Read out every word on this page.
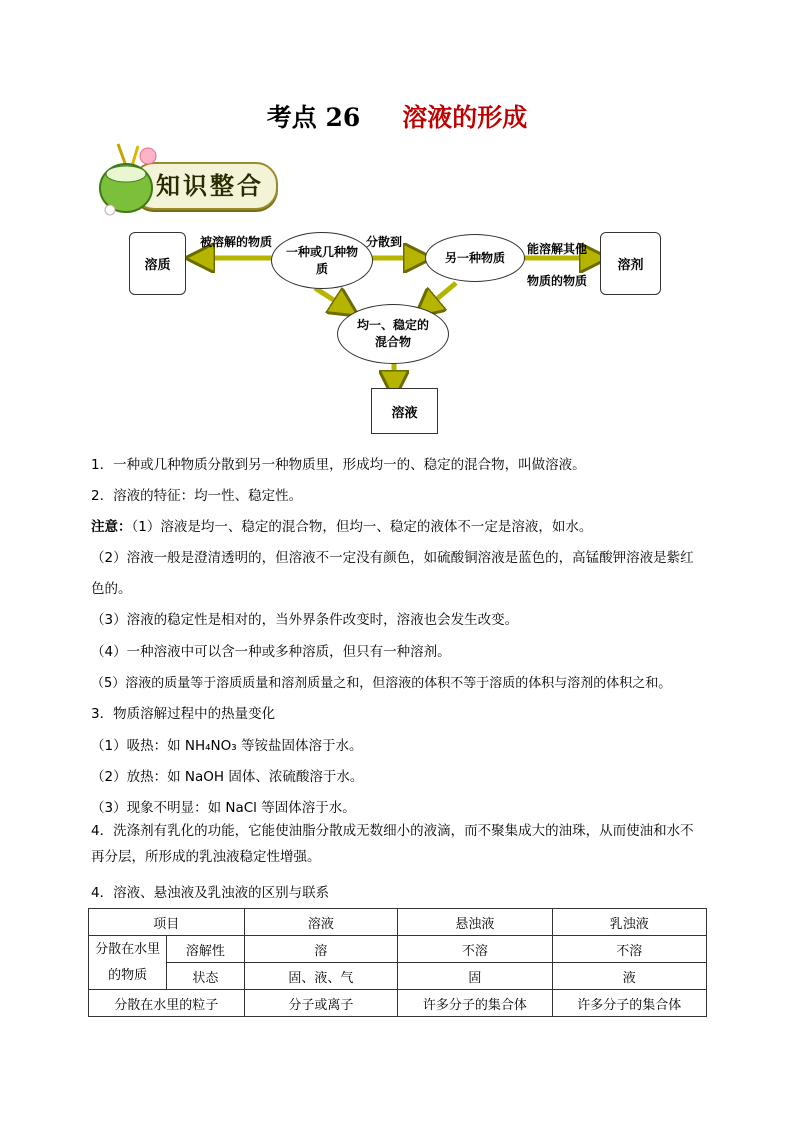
考点 26 溶液的形成
知识整合
溶质	溶剂
一种或几种物质
另一种物质
均一、稳定的混合物
溶液
被溶解的物质	分散到	能溶解其他物质的物质
1．一种或几种物质分散到另一种物质里，形成均一的、稳定的混合物，叫做溶液。
2．溶液的特征：均一性、稳定性。
注意：（1）溶液是均一、稳定的混合物，但均一、稳定的液体不一定是溶液，如水。
（2）溶液一般是澄清透明的，但溶液不一定没有颜色，如硫酸铜溶液是蓝色的，高锰酸钾溶液是紫红色的。
（3）溶液的稳定性是相对的，当外界条件改变时，溶液也会发生改变。
（4）一种溶液中可以含一种或多种溶质，但只有一种溶剂。
（5）溶液的质量等于溶质质量和溶剂质量之和，但溶液的体积不等于溶质的体积与溶剂的体积之和。
3．物质溶解过程中的热量变化
（1）吸热：如 NH₄NO₃ 等铵盐固体溶于水。
（2）放热：如 NaOH 固体、浓硫酸溶于水。
（3）现象不明显：如 NaCl 等固体溶于水。
4．洗涤剂有乳化的功能，它能使油脂分散成无数细小的液滴，而不聚集成大的油珠，从而使油和水不再分层，所形成的乳浊液稳定性增强。
4．溶液、悬浊液及乳浊液的区别与联系
项目		溶液	悬浊液	乳浊液
分散在水里的物质	溶解性	溶	不溶	不溶
	状态	固、液、气	固	液
分散在水里的粒子		分子或离子	许多分子的集合体	许多分子的集合体
